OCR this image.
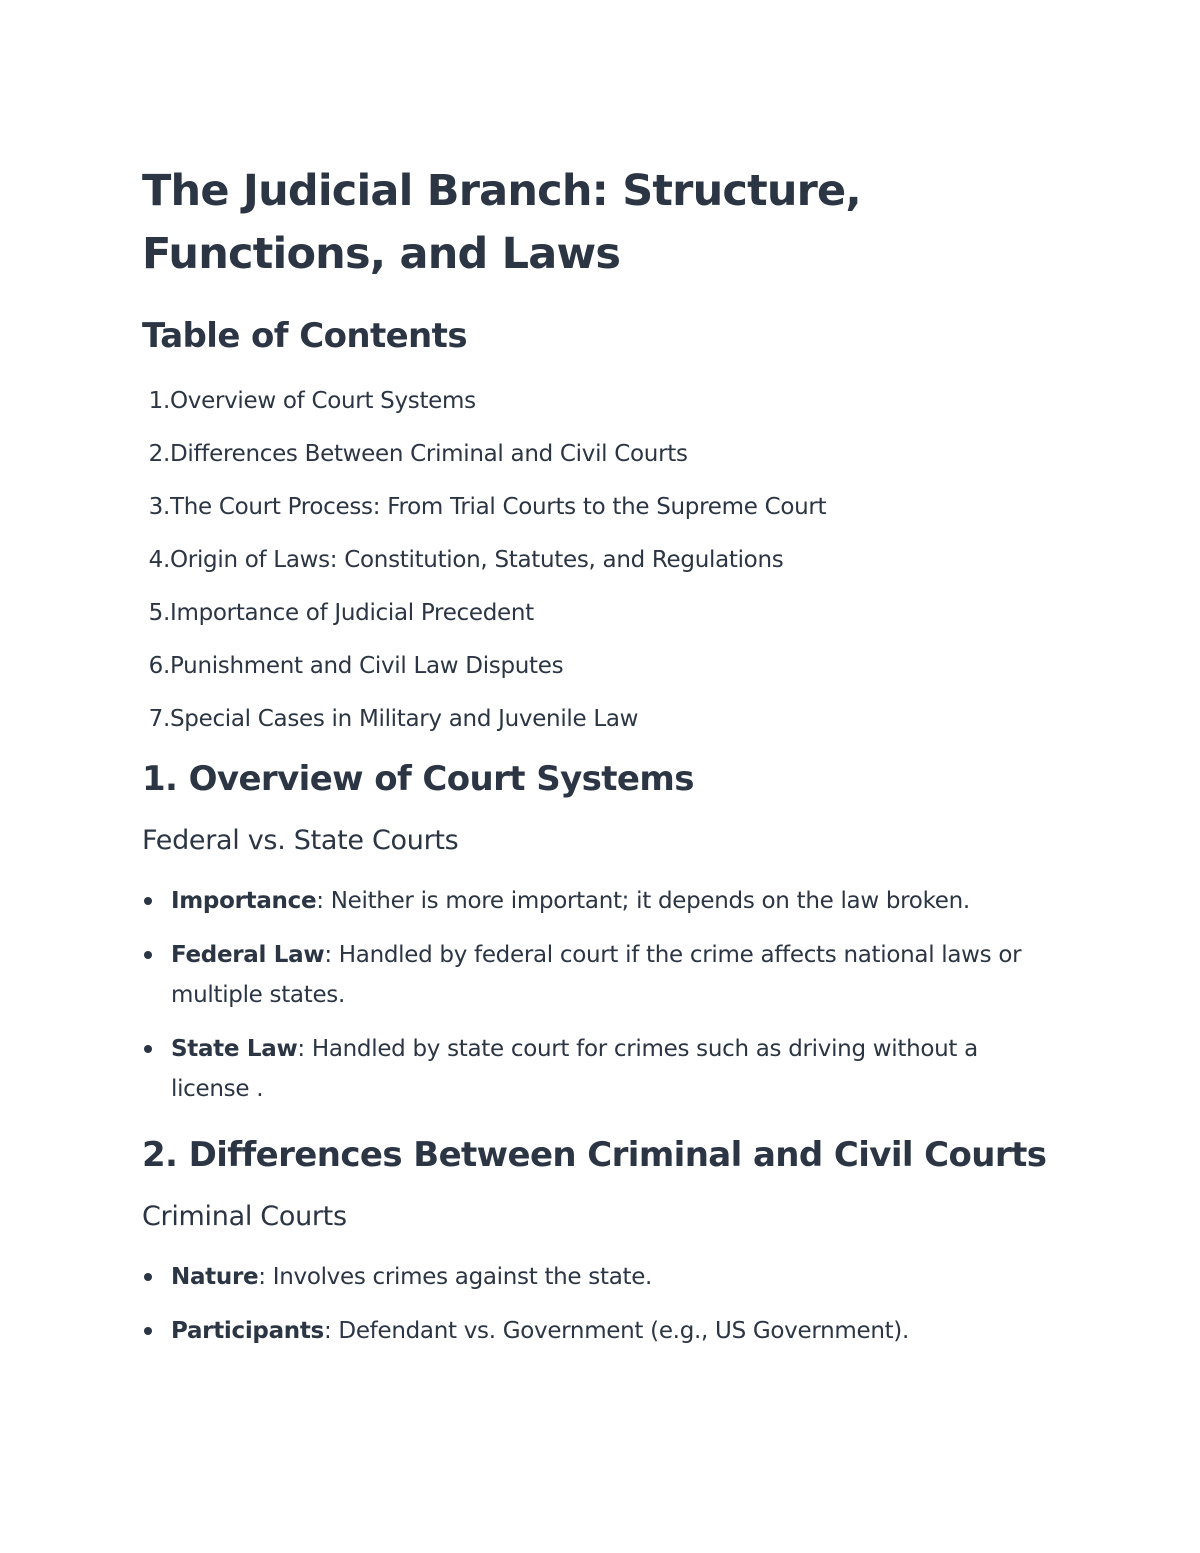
The Judicial Branch: Structure, Functions, and Laws
Table of Contents
1. Overview of Court Systems
2. Differences Between Criminal and Civil Courts
3. The Court Process: From Trial Courts to the Supreme Court
4. Origin of Laws: Constitution, Statutes, and Regulations
5. Importance of Judicial Precedent
6. Punishment and Civil Law Disputes
7. Special Cases in Military and Juvenile Law
1. Overview of Court Systems
Federal vs. State Courts
Importance: Neither is more important; it depends on the law broken.
Federal Law: Handled by federal court if the crime affects national laws or multiple states.
State Law: Handled by state court for crimes such as driving without a license .
2. Differences Between Criminal and Civil Courts
Criminal Courts
Nature: Involves crimes against the state.
Participants: Defendant vs. Government (e.g., US Government).
